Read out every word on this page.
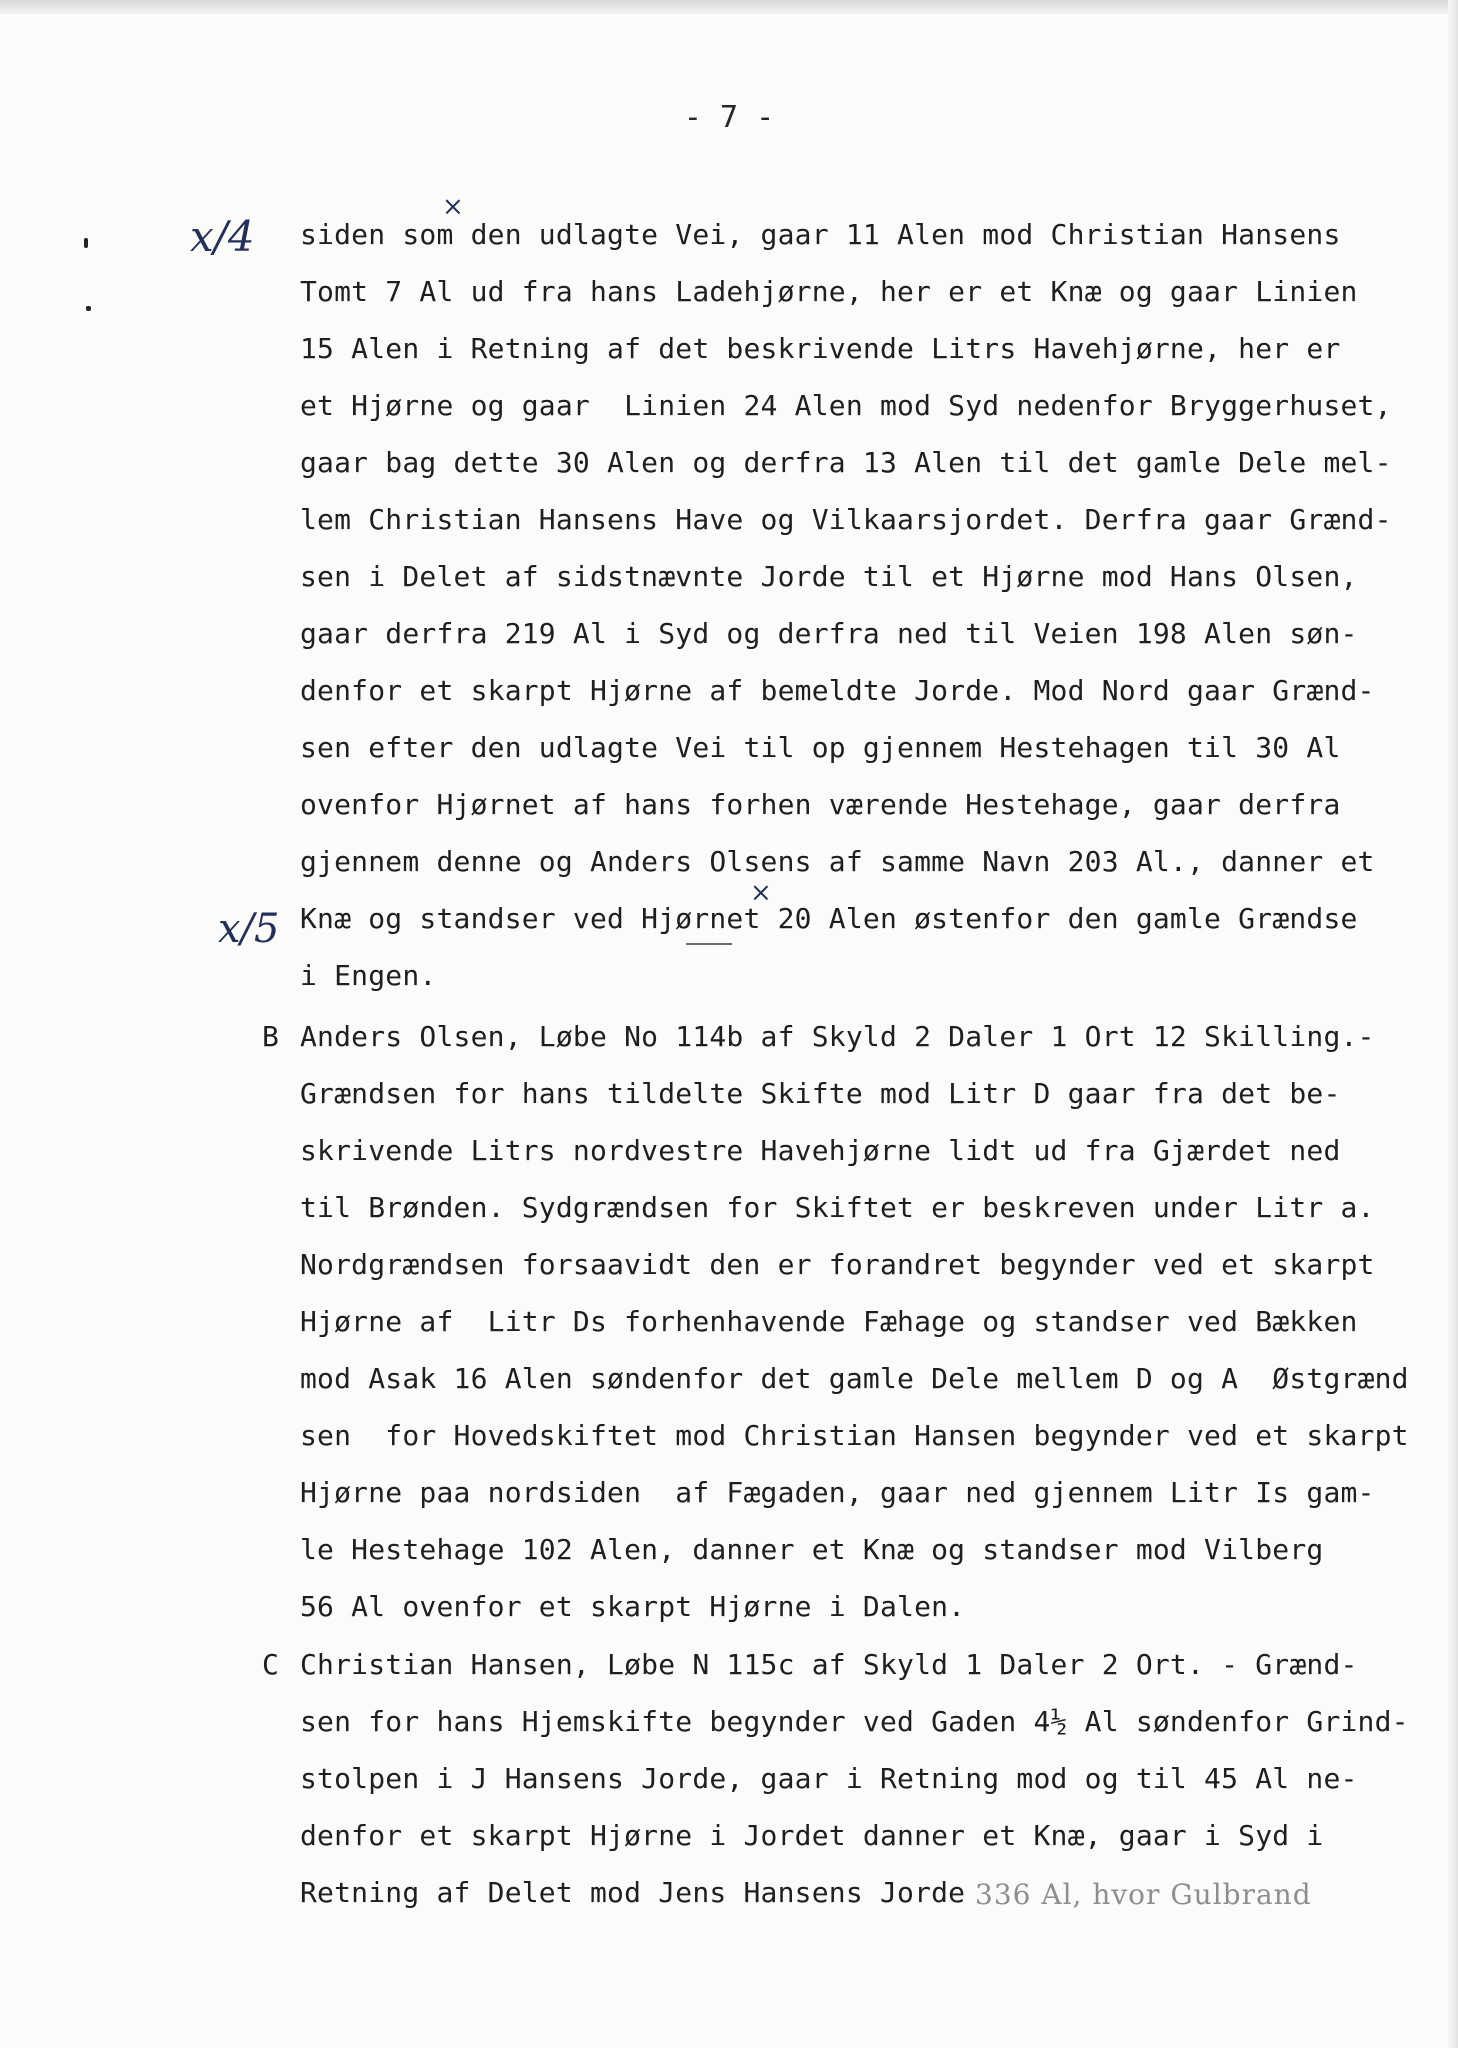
​
- 7 -
x/4
x/5
×
×
B
C
siden som den udlagte Vei, gaar 11 Alen mod Christian Hansens
Tomt 7 Al ud fra hans Ladehjørne, her er et Knæ og gaar Linien
15 Alen i Retning af det beskrivende Litrs Havehjørne, her er
et Hjørne og gaar  Linien 24 Alen mod Syd nedenfor Bryggerhuset,
gaar bag dette 30 Alen og derfra 13 Alen til det gamle Dele mel-
lem Christian Hansens Have og Vilkaarsjordet. Derfra gaar Grænd-
sen i Delet af sidstnævnte Jorde til et Hjørne mod Hans Olsen,
gaar derfra 219 Al i Syd og derfra ned til Veien 198 Alen søn-
denfor et skarpt Hjørne af bemeldte Jorde. Mod Nord gaar Grænd-
sen efter den udlagte Vei til op gjennem Hestehagen til 30 Al
ovenfor Hjørnet af hans forhen værende Hestehage, gaar derfra
gjennem denne og Anders Olsens af samme Navn 203 Al., danner et
Knæ og standser ved Hjørnet 20 Alen østenfor den gamle Grændse
i Engen.
Anders Olsen, Løbe No 114b af Skyld 2 Daler 1 Ort 12 Skilling.-
Grændsen for hans tildelte Skifte mod Litr D gaar fra det be-
skrivende Litrs nordvestre Havehjørne lidt ud fra Gjærdet ned
til Brønden. Sydgrændsen for Skiftet er beskreven under Litr a.
Nordgrændsen forsaavidt den er forandret begynder ved et skarpt
Hjørne af  Litr Ds forhenhavende Fæhage og standser ved Bækken
mod Asak 16 Alen søndenfor det gamle Dele mellem D og A  Østgrænd
sen  for Hovedskiftet mod Christian Hansen begynder ved et skarpt
Hjørne paa nordsiden  af Fægaden, gaar ned gjennem Litr Is gam-
le Hestehage 102 Alen, danner et Knæ og standser mod Vilberg
56 Al ovenfor et skarpt Hjørne i Dalen.
Christian Hansen, Løbe N 115c af Skyld 1 Daler 2 Ort. - Grænd-
sen for hans Hjemskifte begynder ved Gaden 4½ Al søndenfor Grind-
stolpen i J Hansens Jorde, gaar i Retning mod og til 45 Al ne-
denfor et skarpt Hjørne i Jordet danner et Knæ, gaar i Syd i
Retning af Delet mod Jens Hansens Jorde 336 Al, hvor Gulbrand
